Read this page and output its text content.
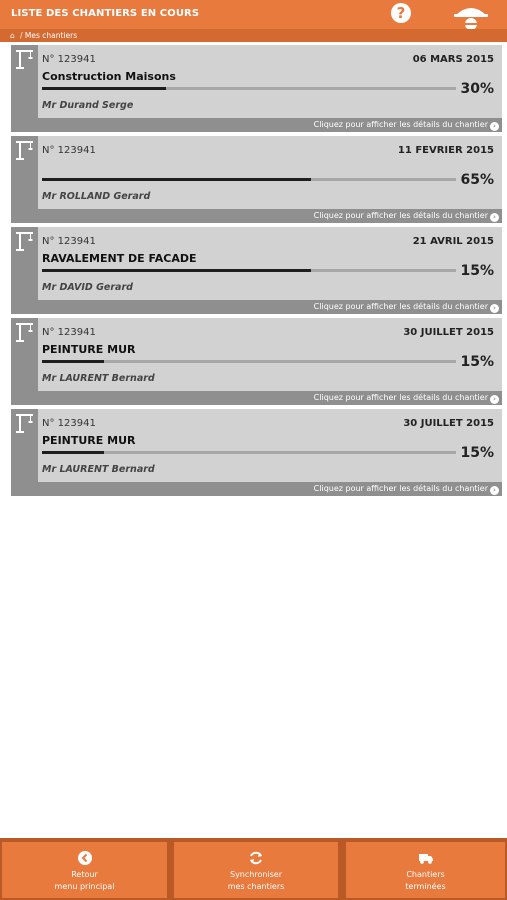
LISTE DES CHANTIERS EN COURS	?
⌂ / Mes chantiers
N° 123941	06 MARS 2015
Construction Maisons
30%
Mr Durand Serge
Cliquez pour afficher les détails du chantier ›
N° 123941	11 FEVRIER 2015
65%
Mr ROLLAND Gerard
Cliquez pour afficher les détails du chantier ›
N° 123941	21 AVRIL 2015
RAVALEMENT DE FACADE
15%
Mr DAVID Gerard
Cliquez pour afficher les détails du chantier ›
N° 123941	30 JUILLET 2015
PEINTURE MUR
15%
Mr LAURENT Bernard
Cliquez pour afficher les détails du chantier ›
N° 123941	30 JUILLET 2015
PEINTURE MUR
15%
Mr LAURENT Bernard
Cliquez pour afficher les détails du chantier ›
Retour
menu principal
Synchroniser
mes chantiers
Chantiers
terminées
